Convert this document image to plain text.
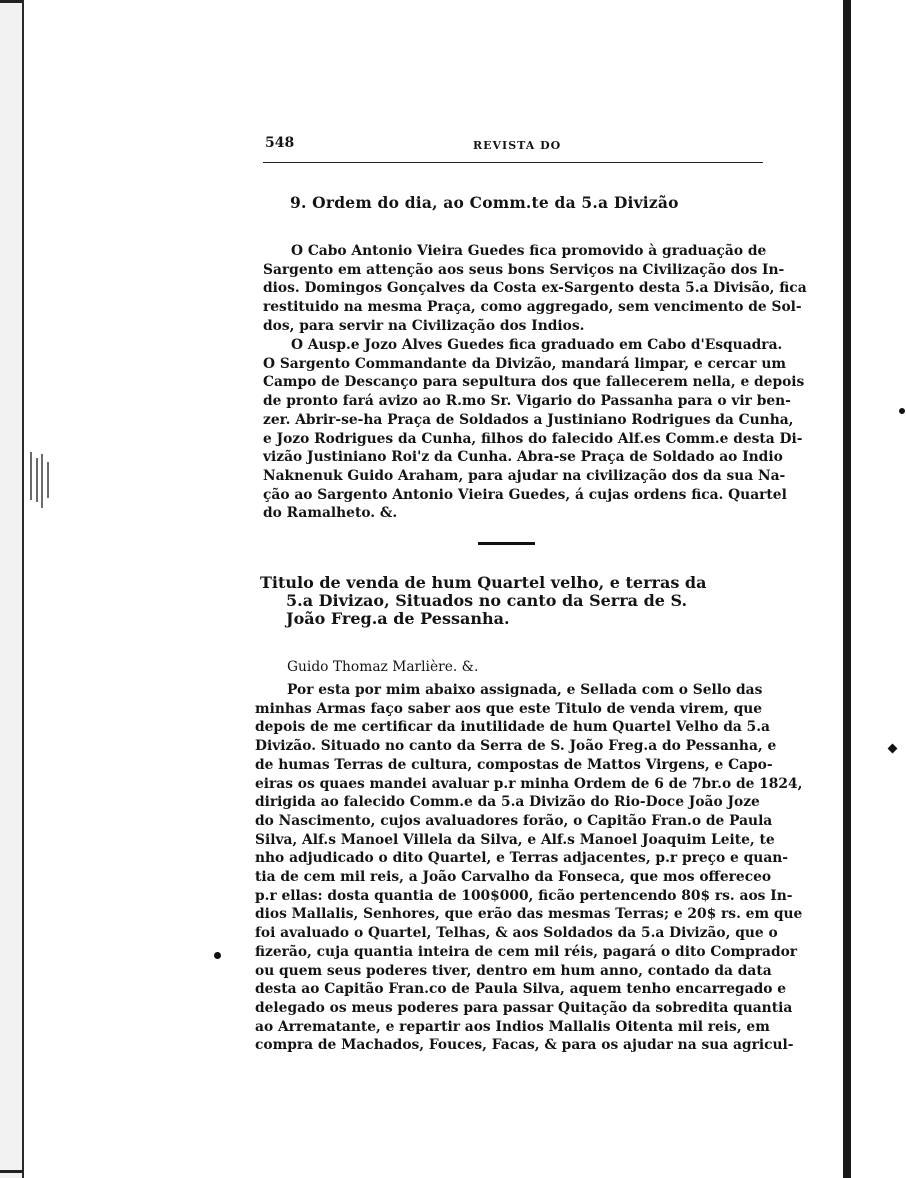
548	REVISTA DO
9. Ordem do dia, ao Comm.te da 5.a Divizão
O Cabo Antonio Vieira Guedes fica promovido à graduação de
Sargento em attenção aos seus bons Serviços na Civilização dos In-
dios. Domingos Gonçalves da Costa ex-Sargento desta 5.a Divisão, fica
restituido na mesma Praça, como aggregado, sem vencimento de Sol-
dos, para servir na Civilização dos Indios.
O Ausp.e Jozo Alves Guedes fica graduado em Cabo d'Esquadra.
O Sargento Commandante da Divizão, mandará limpar, e cercar um
Campo de Descanço para sepultura dos que fallecerem nella, e depois
de pronto fará avizo ao R.mo Sr. Vigario do Passanha para o vir ben-
zer. Abrir-se-ha Praça de Soldados a Justiniano Rodrigues da Cunha,
e Jozo Rodrigues da Cunha, filhos do falecido Alf.es Comm.e desta Di-
vizão Justiniano Roi'z da Cunha. Abra-se Praça de Soldado ao Indio
Naknenuk Guido Araham, para ajudar na civilização dos da sua Na-
ção ao Sargento Antonio Vieira Guedes, á cujas ordens fica. Quartel
do Ramalheto. &.
Titulo de venda de hum Quartel velho, e terras da
5.a Divizao, Situados no canto da Serra de S.
João Freg.a de Pessanha.
Guido Thomaz Marlière. &.
Por esta por mim abaixo assignada, e Sellada com o Sello das
minhas Armas faço saber aos que este Titulo de venda virem, que
depois de me certificar da inutilidade de hum Quartel Velho da 5.a
Divizão. Situado no canto da Serra de S. João Freg.a do Pessanha, e
de humas Terras de cultura, compostas de Mattos Virgens, e Capo-
eiras os quaes mandei avaluar p.r minha Ordem de 6 de 7br.o de 1824,
dirigida ao falecido Comm.e da 5.a Divizão do Rio-Doce João Joze
do Nascimento, cujos avaluadores forão, o Capitão Fran.o de Paula
Silva, Alf.s Manoel Villela da Silva, e Alf.s Manoel Joaquim Leite, te
nho adjudicado o dito Quartel, e Terras adjacentes, p.r preço e quan-
tia de cem mil reis, a João Carvalho da Fonseca, que mos offereceo
p.r ellas: dosta quantia de 100$000, ficão pertencendo 80$ rs. aos In-
dios Mallalis, Senhores, que erão das mesmas Terras; e 20$ rs. em que
foi avaluado o Quartel, Telhas, & aos Soldados da 5.a Divizão, que o
fizerão, cuja quantia inteira de cem mil réis, pagará o dito Comprador
ou quem seus poderes tiver, dentro em hum anno, contado da data
desta ao Capitão Fran.co de Paula Silva, aquem tenho encarregado e
delegado os meus poderes para passar Quitação da sobredita quantia
ao Arrematante, e repartir aos Indios Mallalis Oitenta mil reis, em
compra de Machados, Fouces, Facas, & para os ajudar na sua agricul-
